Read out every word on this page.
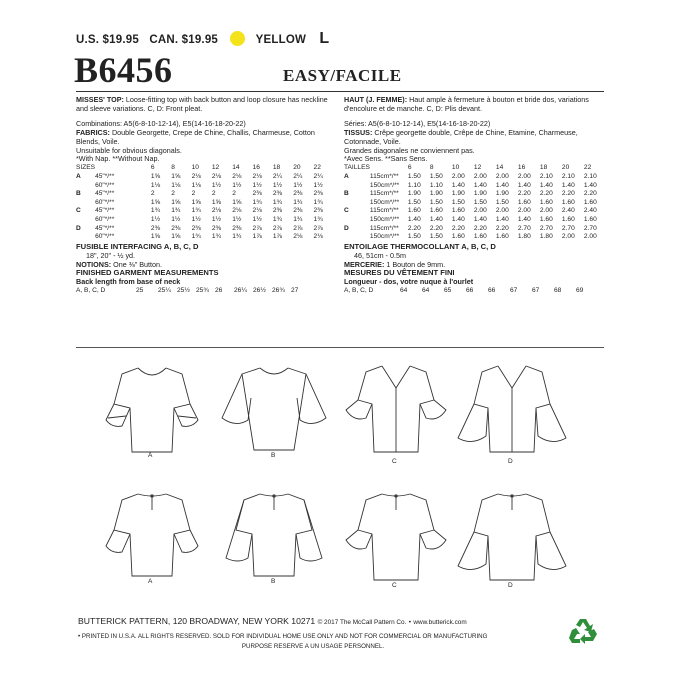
U.S. $19.95 CAN. $19.95	YELLOW L
B6456	EASY/FACILE

MISSES' TOP: Loose-fitting top with back button and loop closure has neckline and sleeve variations. C, D: Front pleat.

Combinations: A5(6-8-10-12-14), E5(14-16-18-20-22)

FABRICS: Double Georgette, Crepe de Chine, Challis, Charmeuse, Cotton Blends, Voile.

Unsuitable for obvious diagonals.

*With Nap. **Without Nap.

SIZES		6	8	10	12	14	16	18	20	22
A	45"*/**	1⅝	1⅝	2⅛	2⅛	2⅛	2⅛	2¼	2¼	2¼
	60"*/**	1⅛	1⅛	1⅛	1½	1½	1½	1½	1½	1½
B	45"*/**	2	2	2	2	2	2⅜	2⅜	2⅜	2⅜
	60"*/**	1⅝	1⅝	1⅝	1⅝	1⅝	1¾	1¾	1¾	1¾
C	45"*/**	1¾	1¾	1¾	2⅛	2⅛	2⅛	2⅜	2⅜	2⅜
	60"*/**	1½	1½	1½	1½	1½	1½	1¾	1¾	1¾
D	45"*/**	2⅜	2⅜	2⅜	2⅜	2⅜	2⅞	2⅞	2⅞	2⅞
	60"*/**	1⅝	1⅝	1¾	1¾	1¾	1⅞	1⅞	2⅛	2⅛

FUSIBLE INTERFACING A, B, C, D

18", 20" - ½ yd.

NOTIONS: One ⅜" Button.

FINISHED GARMENT MEASUREMENTS

Back length from base of neck

A, B, C, D	25	25¼	25½	25¾	26	26¼	26½	26¾	27

HAUT (J. FEMME): Haut ample à fermeture à bouton et bride dos, variations d'encolure et de manche. C, D: Plis devant.

Séries: A5(6-8-10-12-14), E5(14-16-18-20-22)

TISSUS: Crêpe georgette double, Crêpe de Chine, Etamine, Charmeuse, Cotonnade, Voile.

Grandes diagonales ne conviennent pas.

*Avec Sens. **Sans Sens.

TAILLES		6	8	10	12	14	16	18	20	22
A	115cm*/**	1.50	1.50	2.00	2.00	2.00	2.00	2.10	2.10	2.10
	150cm*/**	1.10	1.10	1.40	1.40	1.40	1.40	1.40	1.40	1.40
B	115cm*/**	1.90	1.90	1.90	1.90	1.90	2.20	2.20	2.20	2.20
	150cm*/**	1.50	1.50	1.50	1.50	1.50	1.60	1.60	1.60	1.60
C	115cm*/**	1.60	1.60	1.60	2.00	2.00	2.00	2.00	2.40	2.40
	150cm*/**	1.40	1.40	1.40	1.40	1.40	1.40	1.60	1.60	1.60
D	115cm*/**	2.20	2.20	2.20	2.20	2.20	2.70	2.70	2.70	2.70
	150cm*/**	1.50	1.50	1.60	1.60	1.60	1.80	1.80	2.00	2.00

ENTOILAGE THERMOCOLLANT A, B, C, D

46, 51cm - 0.5m

MERCERIE: 1 Bouton de 9mm.

MESURES DU VÊTEMENT FINI

Longueur - dos, votre nuque à l'ourlet

A, B, C, D	64	64	65	66	66	67	67	68	69
A	B
C	D
A	B
C	D
BUTTERICK PATTERN, 120 BROADWAY, NEW YORK 10271 © 2017 The McCall Pattern Co. • www.butterick.com
• PRINTED IN U.S.A. ALL RIGHTS RESERVED. SOLD FOR INDIVIDUAL HOME USE ONLY AND NOT FOR COMMERCIAL OR MANUFACTURING
PURPOSE RESERVE A UN USAGE PERSONNEL.
